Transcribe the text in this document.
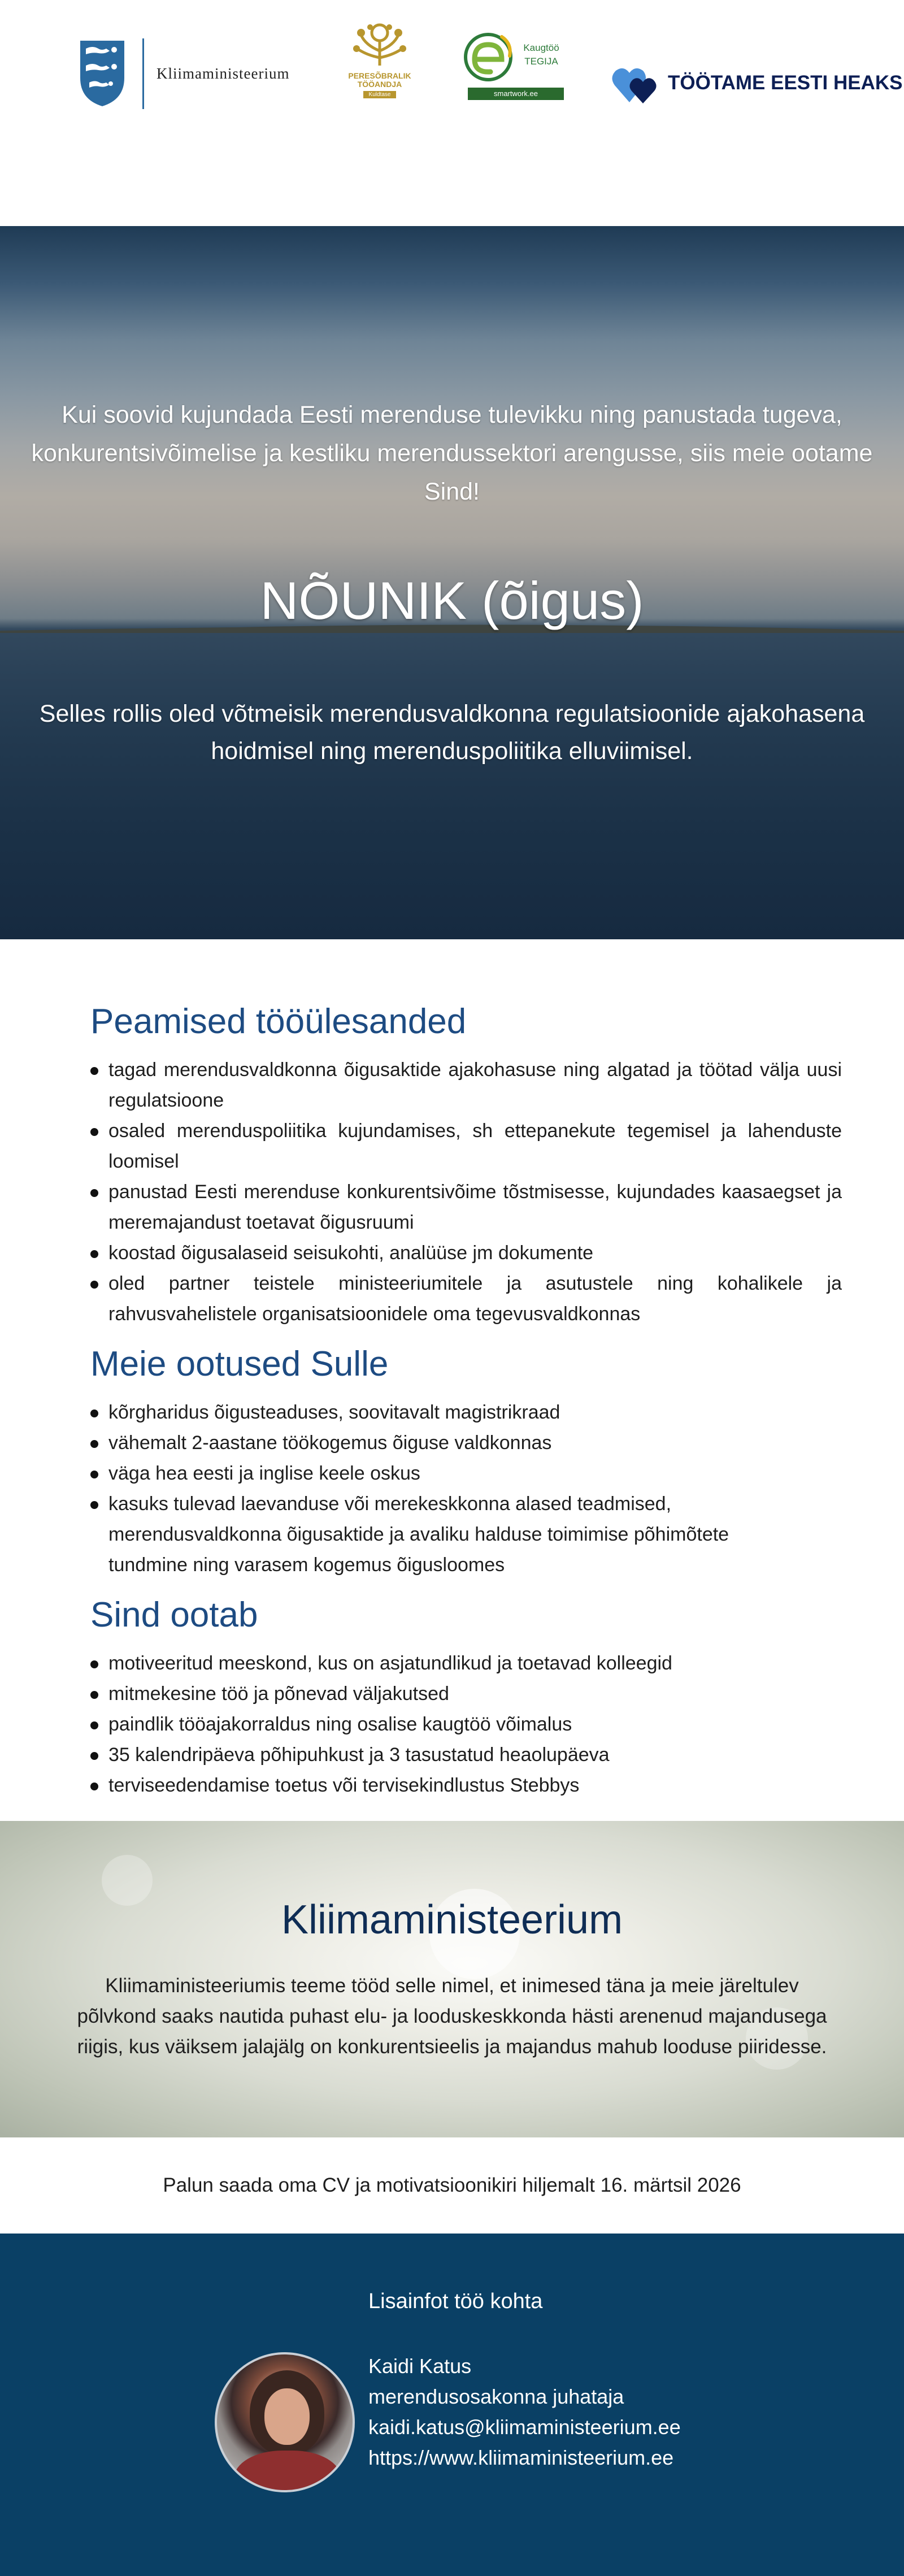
Kliimaministeerium	PERESÕBRALIK TÖÖANDJA
Kuldtase
Kaugtöö TEGIJA
smartwork.ee	TÖÖTAME EESTI HEAKS
Kui soovid kujundada Eesti merenduse tulevikku ning panustada tugeva, konkurentsivõimelise ja kestliku merendussektori arengusse, siis meie ootame Sind!
NÕUNIK (õigus)
Selles rollis oled võtmeisik merendusvaldkonna regulatsioonide ajakohasena hoidmisel ning merenduspoliitika elluviimisel.
Peamised tööülesanded
tagad merendusvaldkonna õigusaktide ajakohasuse ning algatad ja töötad välja uusi regulatsioone
osaled merenduspoliitika kujundamises, sh ettepanekute tegemisel ja lahenduste loomisel
panustad Eesti merenduse konkurentsivõime tõstmisesse, kujundades kaasaegset ja meremajandust toetavat õigusruumi
koostad õigusalaseid seisukohti, analüüse jm dokumente
oled partner teistele ministeeriumitele ja asutustele ning kohalikele ja rahvusvahelistele organisatsioonidele oma tegevusvaldkonnas
Meie ootused Sulle
kõrgharidus õigusteaduses, soovitavalt magistrikraad
vähemalt 2-aastane töökogemus õiguse valdkonnas
väga hea eesti ja inglise keele oskus
kasuks tulevad laevanduse või merekeskkonna alased teadmised, merendusvaldkonna õigusaktide ja avaliku halduse toimimise põhimõtete tundmine ning varasem kogemus õigusloomes
Sind ootab
motiveeritud meeskond, kus on asjatundlikud ja toetavad kolleegid
mitmekesine töö ja põnevad väljakutsed
paindlik tööajakorraldus ning osalise kaugtöö võimalus
35 kalendripäeva põhipuhkust ja 3 tasustatud heaolupäeva
terviseedendamise toetus või tervisekindlustus Stebbys
Kliimaministeerium
Kliimaministeeriumis teeme tööd selle nimel, et inimesed täna ja meie järeltulev põlvkond saaks nautida puhast elu- ja looduskeskkonda hästi arenenud majandusega riigis, kus väiksem jalajälg on konkurentsieelis ja majandus mahub looduse piiridesse.
Palun saada oma CV ja motivatsioonikiri hiljemalt 16. märtsil 2026
Lisainfot töö kohta
Kaidi Katus
merendusosakonna juhataja
kaidi.katus@kliimaministeerium.ee
https://www.kliimaministeerium.ee
